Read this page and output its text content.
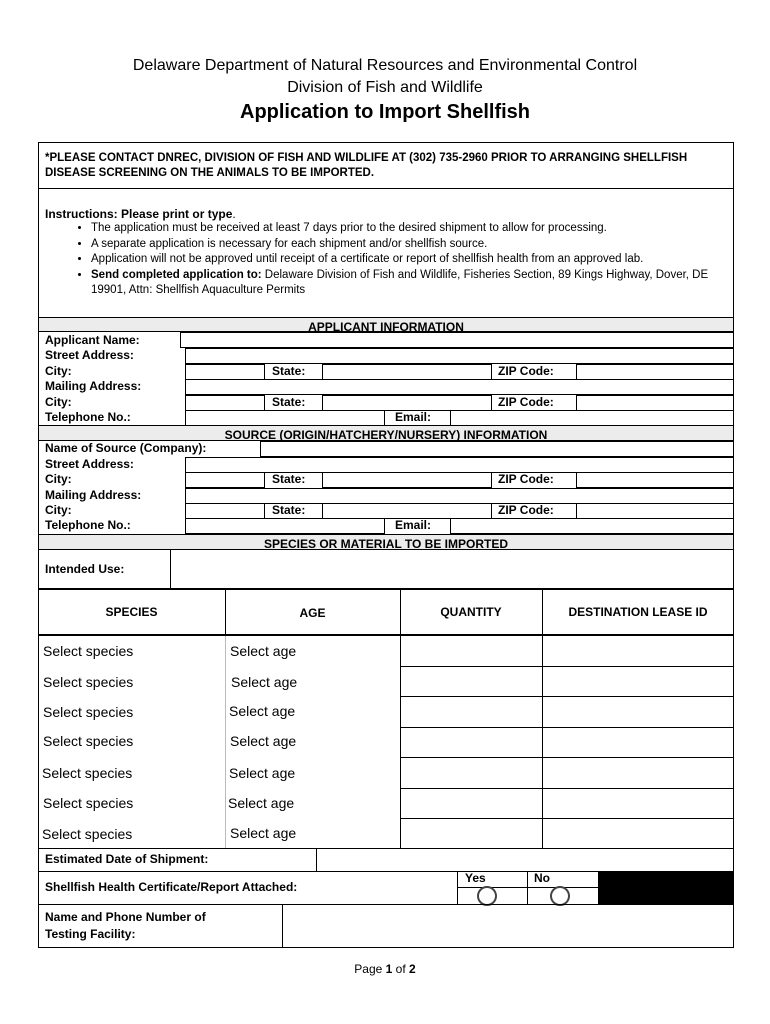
Delaware Department of Natural Resources and Environmental Control
Division of Fish and Wildlife
Application to Import Shellfish
*PLEASE CONTACT DNREC, DIVISION OF FISH AND WILDLIFE AT (302) 735-2960 PRIOR TO ARRANGING SHELLFISH DISEASE SCREENING ON THE ANIMALS TO BE IMPORTED.
Instructions: Please print or type.
• The application must be received at least 7 days prior to the desired shipment to allow for processing.
• A separate application is necessary for each shipment and/or shellfish source.
• Application will not be approved until receipt of a certificate or report of shellfish health from an approved lab.
• Send completed application to: Delaware Division of Fish and Wildlife, Fisheries Section, 89 Kings Highway, Dover, DE 19901, Attn: Shellfish Aquaculture Permits
APPLICANT INFORMATION
Applicant Name:
Street Address:
City:	State:	ZIP Code:
Mailing Address:
City:	State:	ZIP Code:
Telephone No.:	Email:
SOURCE (ORIGIN/HATCHERY/NURSERY) INFORMATION
Name of Source (Company):
Street Address:
City:	State:	ZIP Code:
Mailing Address:
City:	State:	ZIP Code:
Telephone No.:	Email:
SPECIES OR MATERIAL TO BE IMPORTED
Intended Use:
SPECIES	AGE	QUANTITY	DESTINATION LEASE ID
Select species	Select age
Select species	Select age
Select species	Select age
Select species	Select age
Select species	Select age
Select species	Select age
Select species	Select age
Estimated Date of Shipment:
Shellfish Health Certificate/Report Attached:
Yes	No
Name and Phone Number of
Testing Facility:
Page 1 of 2
